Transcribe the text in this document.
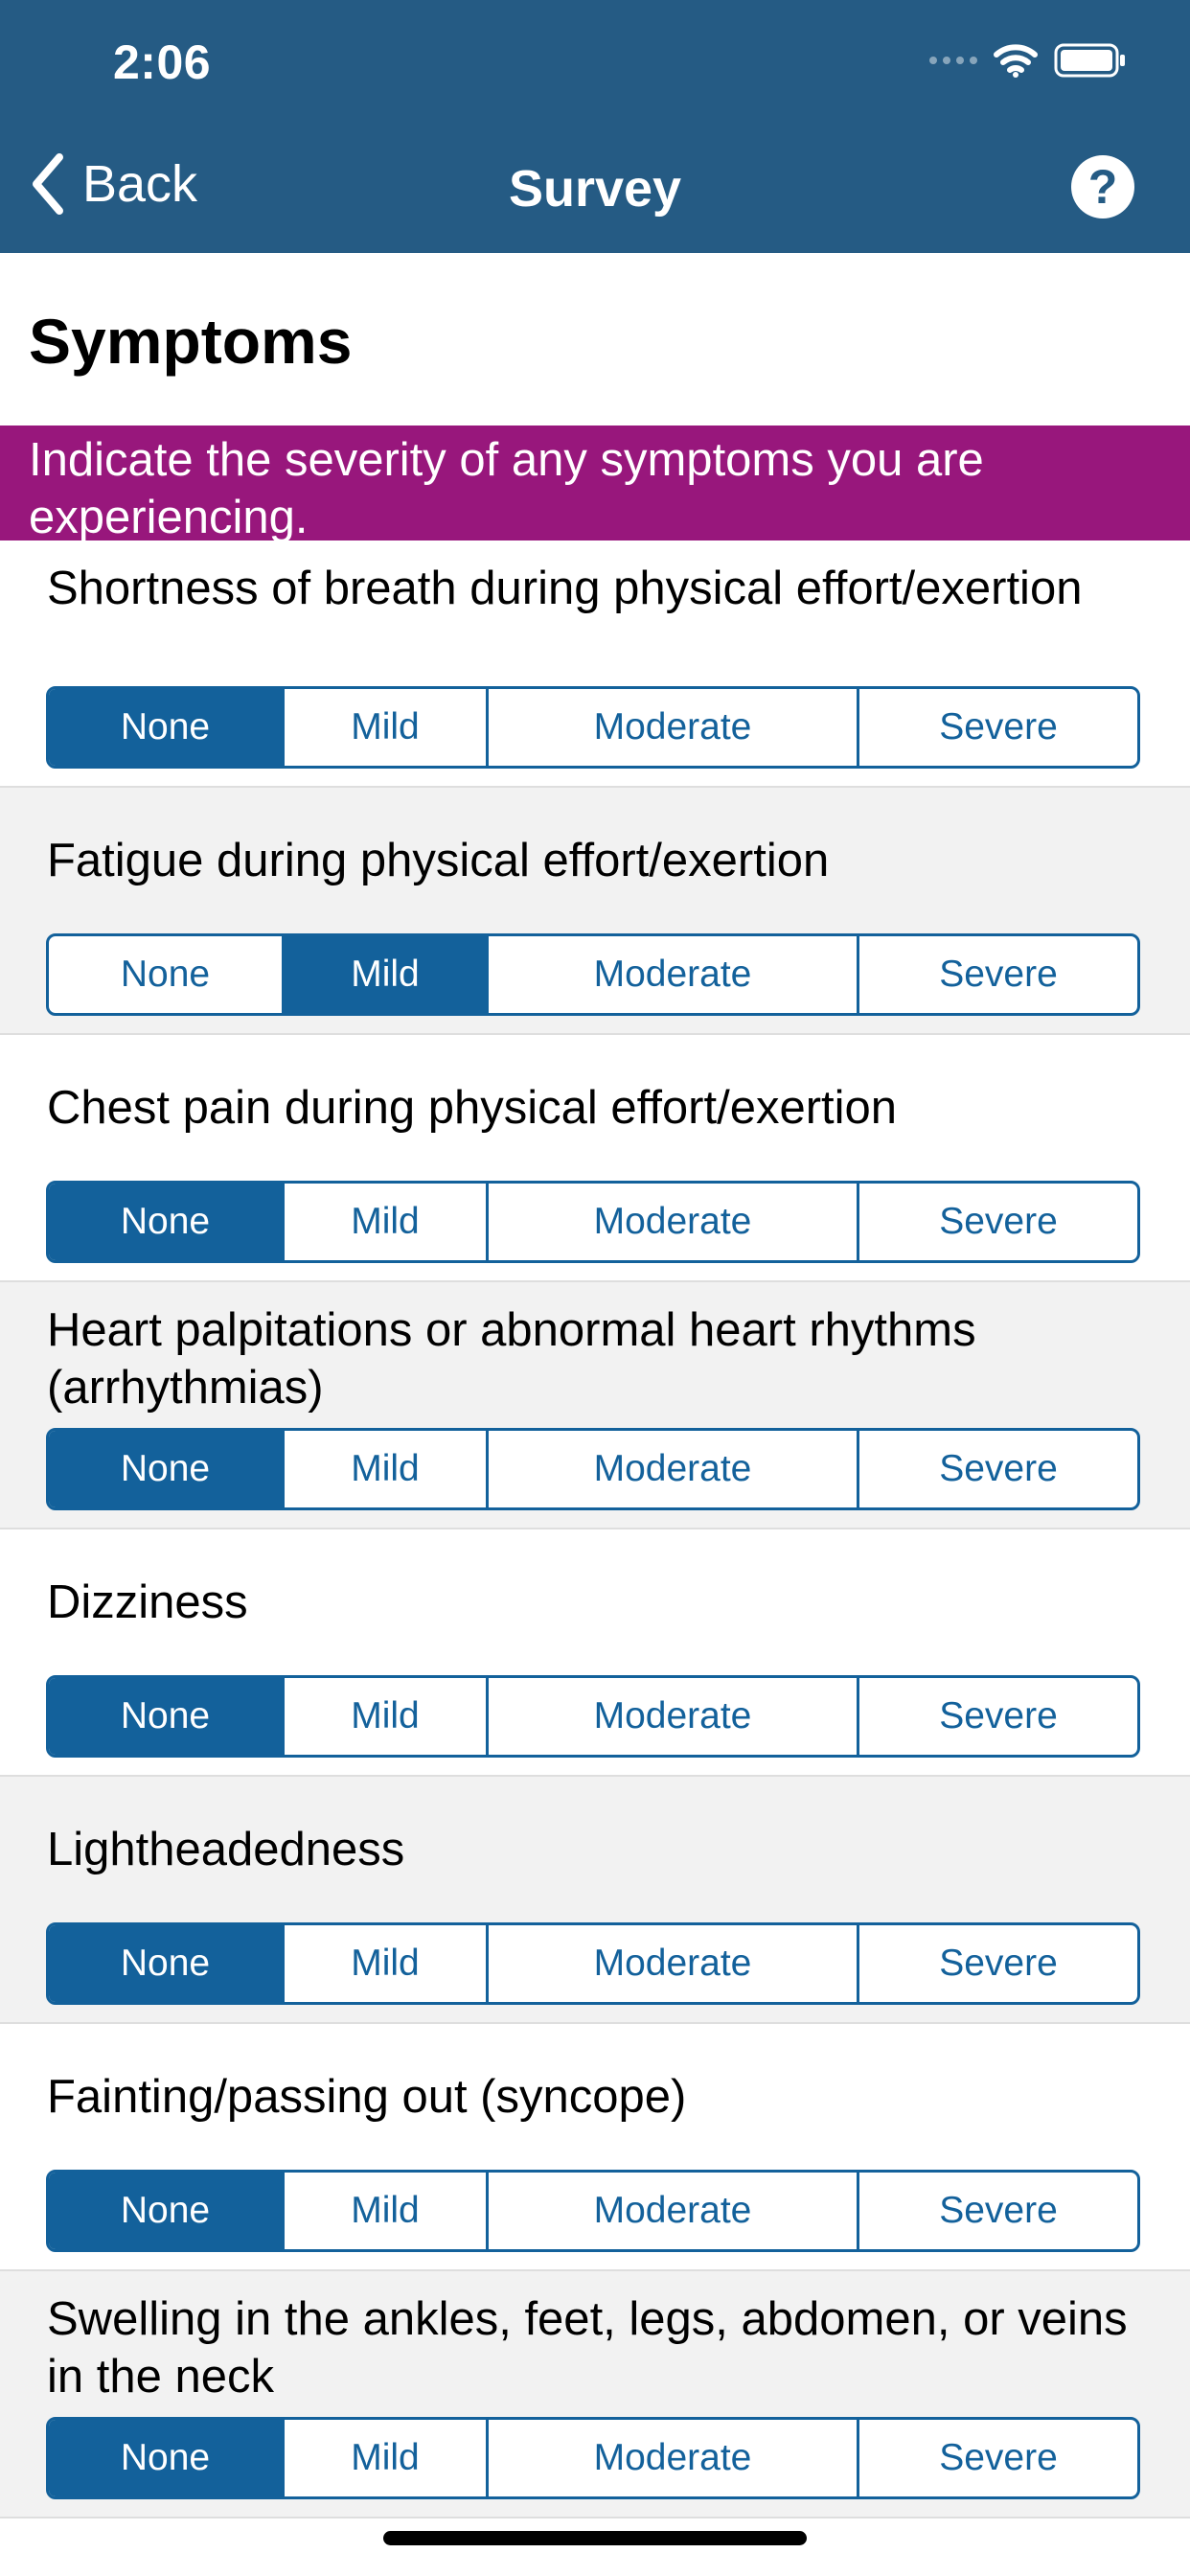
2:06
Back	Survey	?
Symptoms
Indicate the severity of any symptoms you are experiencing.
Shortness of breath during physical effort/exertion
None	Mild	Moderate	Severe
Fatigue during physical effort/exertion
None	Mild	Moderate	Severe
Chest pain during physical effort/exertion
None	Mild	Moderate	Severe
Heart palpitations or abnormal heart rhythms (arrhythmias)
None	Mild	Moderate	Severe
Dizziness
None	Mild	Moderate	Severe
Lightheadedness
None	Mild	Moderate	Severe
Fainting/passing out (syncope)
None	Mild	Moderate	Severe
Swelling in the ankles, feet, legs, abdomen, or veins in the neck
None	Mild	Moderate	Severe
